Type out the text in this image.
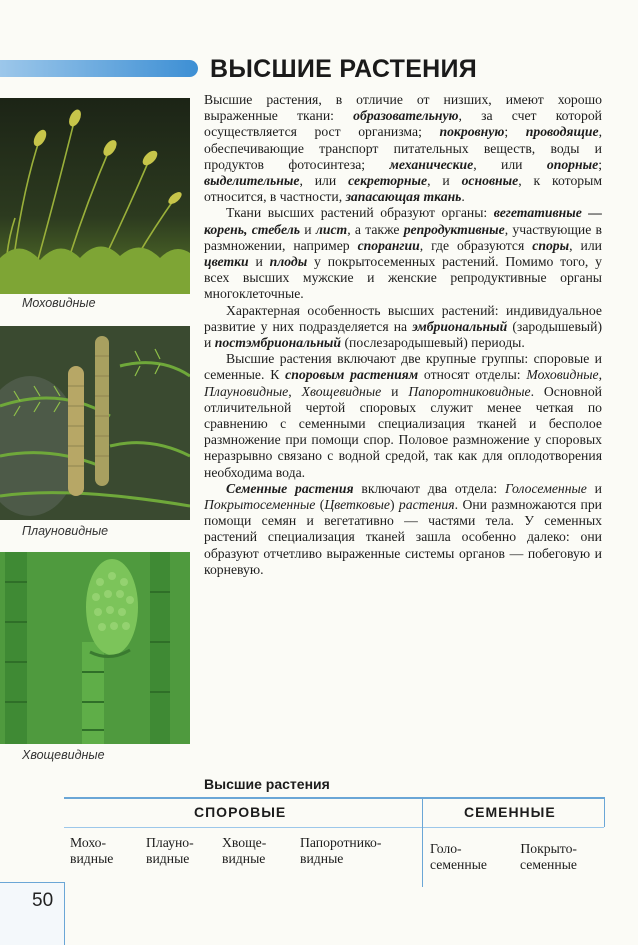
ВЫСШИЕ РАСТЕНИЯ
Моховидные
Плауновидные
Хвощевидные

Высшие растения, в отличие от низших, имеют хорошо выраженные ткани: образовательную, за счет которой осуществляется рост организма; покровную; проводящие, обеспечивающие транспорт питательных веществ, воды и продуктов фотосинтеза; механические, или опорные; выделительные, или секреторные, и основные, к которым относится, в частности, запасающая ткань.

Ткани высших растений образуют органы: вегетативные — корень, стебель и лист, а также репродуктивные, участвующие в размножении, например спорангии, где образуются споры, или цветки и плоды у покрытосеменных растений. Помимо того, у всех высших мужские и женские репродуктивные органы многоклеточные.

Характерная особенность высших растений: индивидуальное развитие у них подразделяется на эмбриональный (зародышевый) и постэмбриональный (послезародышевый) периоды.

Высшие растения включают две крупные группы: споровые и семенные. К споровым растениям относят отделы: Моховидные, Плауновидные, Хвощевидные и Папоротниковидные. Основной отличительной чертой споровых служит менее четкая по сравнению с семенными специализация тканей и бесполое размножение при помощи спор. Половое размножение у споровых неразрывно связано с водной средой, так как для оплодотворения необходима вода.

Семенные растения включают два отдела: Голосеменные и Покрытосеменные (Цветковые) растения. Они размножаются при помощи семян и вегетативно — частями тела. У семенных растений специализация тканей зашла особенно далеко: они образуют отчетливо выраженные системы органов — побеговую и корневую.

Высшие растения
СПОРОВЫЕ	СЕМЕННЫЕ
Мохо-
видные
Плауно-
видные
Хвоще-
видные
Папоротнико-
видные
Голо-
семенные
Покрыто-
семенные
50
